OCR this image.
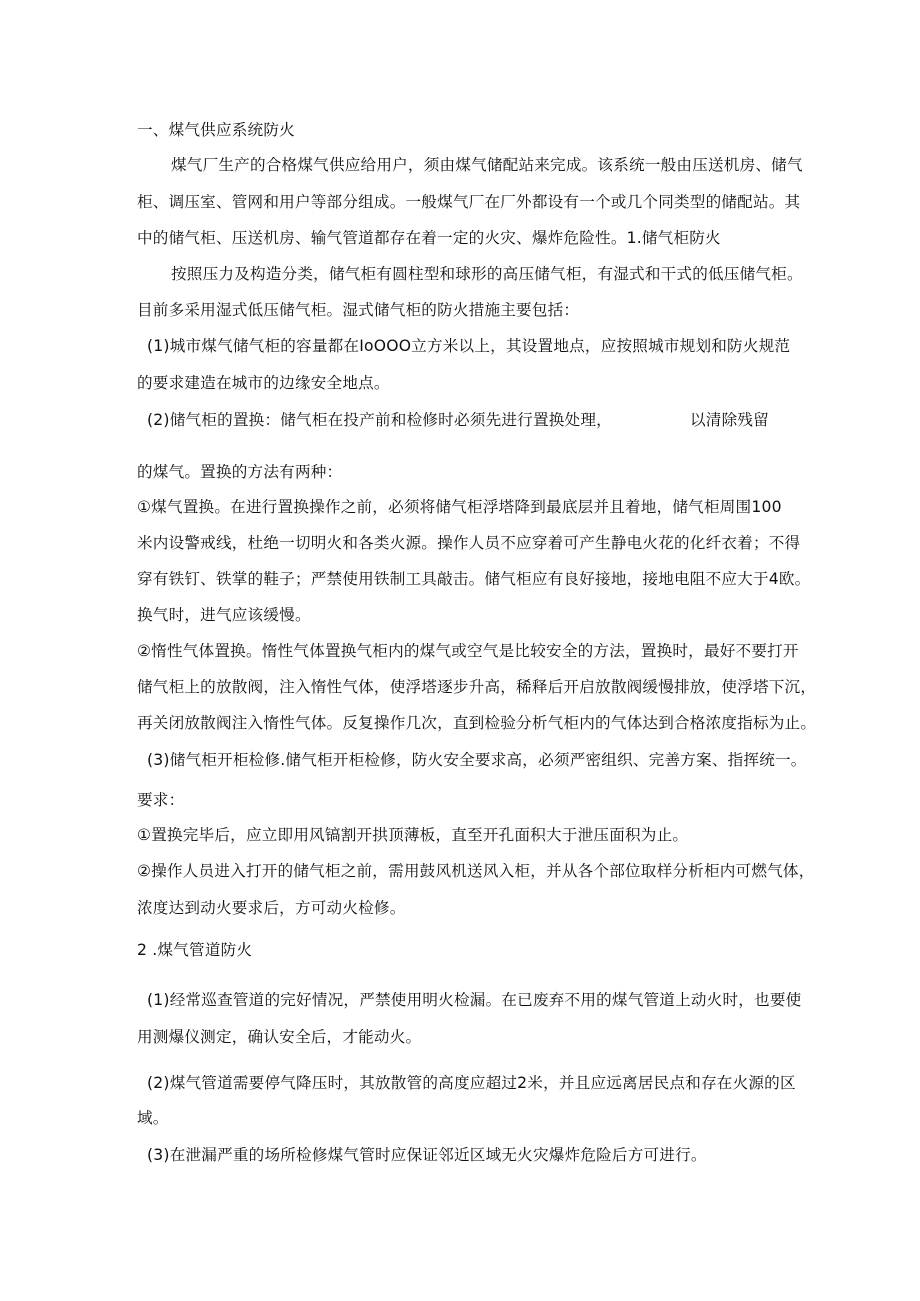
一、煤气供应系统防火
煤气厂生产的合格煤气供应给用户，须由煤气储配站来完成。该系统一般由压送机房、储气
柜、调压室、管网和用户等部分组成。一般煤气厂在厂外都设有一个或几个同类型的储配站。其
中的储气柜、压送机房、输气管道都存在着一定的火灾、爆炸危险性。1.储气柜防火
按照压力及构造分类，储气柜有圆柱型和球形的高压储气柜，有湿式和干式的低压储气柜。
目前多采用湿式低压储气柜。湿式储气柜的防火措施主要包括：
(1)城市煤气储气柜的容量都在IoOOO立方米以上，其设置地点，应按照城市规划和防火规范
的要求建造在城市的边缘安全地点。
(2)储气柜的置换：储气柜在投产前和检修时必须先进行置换处理，	以清除残留
的煤气。置换的方法有两种：
①煤气置换。在进行置换操作之前，必须将储气柜浮塔降到最底层并且着地，储气柜周围100
米内设警戒线，杜绝一切明火和各类火源。操作人员不应穿着可产生静电火花的化纤衣着；不得
穿有铁钉、铁掌的鞋子；严禁使用铁制工具敲击。储气柜应有良好接地，接地电阻不应大于4欧。
换气时，进气应该缓慢。
②惰性气体置换。惰性气体置换气柜内的煤气或空气是比较安全的方法，置换时，最好不要打开
储气柜上的放散阀，注入惰性气体，使浮塔逐步升高，稀释后开启放散阀缓慢排放，使浮塔下沉，
再关闭放散阀注入惰性气体。反复操作几次，直到检验分析气柜内的气体达到合格浓度指标为止。
(3)储气柜开柜检修.储气柜开柜检修，防火安全要求高，必须严密组织、完善方案、指挥统一。
要求：
①置换完毕后，应立即用风镐割开拱顶薄板，直至开孔面积大于泄压面积为止。
②操作人员进入打开的储气柜之前，需用鼓风机送风入柜，并从各个部位取样分析柜内可燃气体，
浓度达到动火要求后，方可动火检修。
2 .煤气管道防火
(1)经常巡查管道的完好情况，严禁使用明火检漏。在已废弃不用的煤气管道上动火时，也要使
用测爆仪测定，确认安全后，才能动火。
(2)煤气管道需要停气降压时，其放散管的高度应超过2米，并且应远离居民点和存在火源的区
域。
(3)在泄漏严重的场所检修煤气管时应保证邻近区域无火灾爆炸危险后方可进行。
